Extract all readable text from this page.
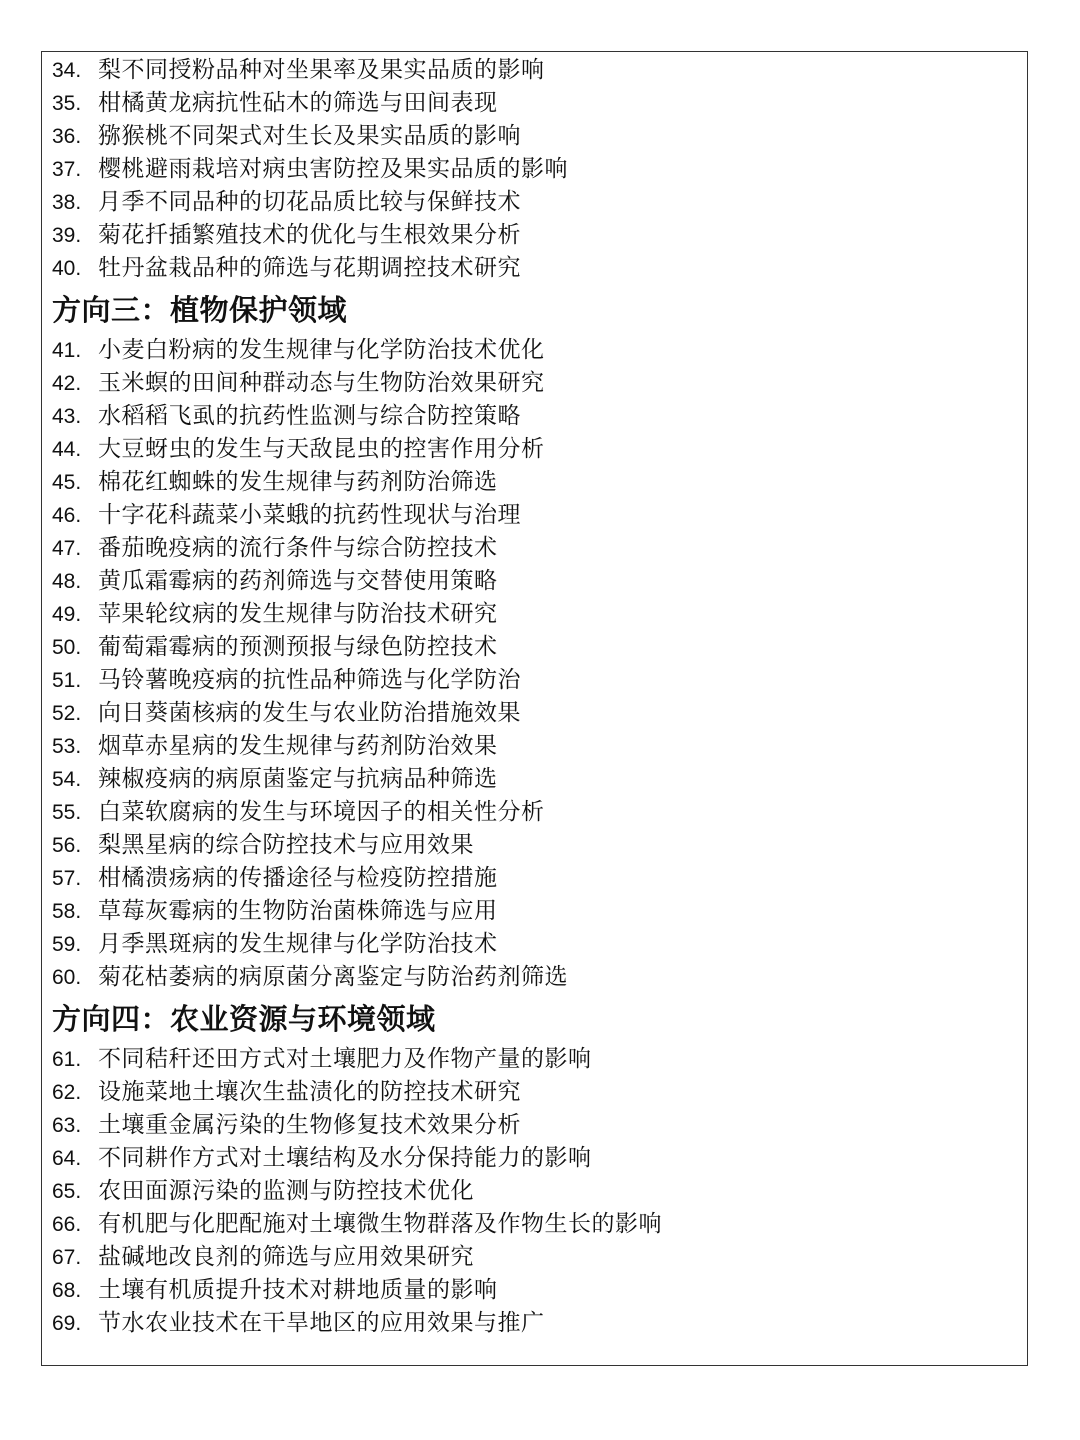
34. 梨不同授粉品种对坐果率及果实品质的影响
35. 柑橘黄龙病抗性砧木的筛选与田间表现
36. 猕猴桃不同架式对生长及果实品质的影响
37. 樱桃避雨栽培对病虫害防控及果实品质的影响
38. 月季不同品种的切花品质比较与保鲜技术
39. 菊花扦插繁殖技术的优化与生根效果分析
40. 牡丹盆栽品种的筛选与花期调控技术研究
方向三：植物保护领域
41. 小麦白粉病的发生规律与化学防治技术优化
42. 玉米螟的田间种群动态与生物防治效果研究
43. 水稻稻飞虱的抗药性监测与综合防控策略
44. 大豆蚜虫的发生与天敌昆虫的控害作用分析
45. 棉花红蜘蛛的发生规律与药剂防治筛选
46. 十字花科蔬菜小菜蛾的抗药性现状与治理
47. 番茄晚疫病的流行条件与综合防控技术
48. 黄瓜霜霉病的药剂筛选与交替使用策略
49. 苹果轮纹病的发生规律与防治技术研究
50. 葡萄霜霉病的预测预报与绿色防控技术
51. 马铃薯晚疫病的抗性品种筛选与化学防治
52. 向日葵菌核病的发生与农业防治措施效果
53. 烟草赤星病的发生规律与药剂防治效果
54. 辣椒疫病的病原菌鉴定与抗病品种筛选
55. 白菜软腐病的发生与环境因子的相关性分析
56. 梨黑星病的综合防控技术与应用效果
57. 柑橘溃疡病的传播途径与检疫防控措施
58. 草莓灰霉病的生物防治菌株筛选与应用
59. 月季黑斑病的发生规律与化学防治技术
60. 菊花枯萎病的病原菌分离鉴定与防治药剂筛选
方向四：农业资源与环境领域
61. 不同秸秆还田方式对土壤肥力及作物产量的影响
62. 设施菜地土壤次生盐渍化的防控技术研究
63. 土壤重金属污染的生物修复技术效果分析
64. 不同耕作方式对土壤结构及水分保持能力的影响
65. 农田面源污染的监测与防控技术优化
66. 有机肥与化肥配施对土壤微生物群落及作物生长的影响
67. 盐碱地改良剂的筛选与应用效果研究
68. 土壤有机质提升技术对耕地质量的影响
69. 节水农业技术在干旱地区的应用效果与推广
